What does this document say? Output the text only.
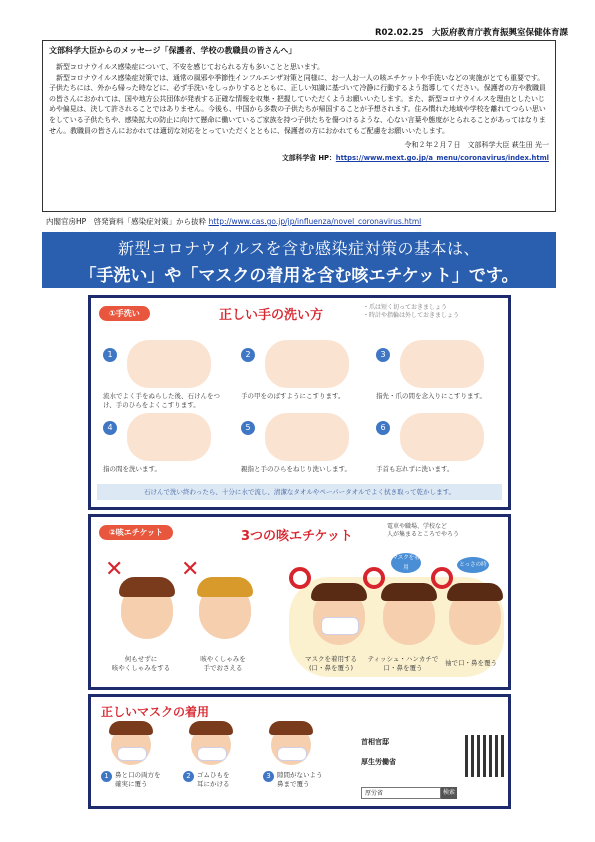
R02.02.25　大阪府教育庁教育振興室保健体育課
文部科学大臣からのメッセージ「保護者、学校の教職員の皆さんへ」

新型コロナウイルス感染症について、不安を感じておられる方も多いことと思います。

新型コロナウイルス感染症対策では、通常の風邪や季節性インフルエンザ対策と同様に、お一人お一人の咳エチケットや手洗いなどの実施がとても重要です。子供たちには、外から帰った時などに、必ず手洗いをしっかりするとともに、正しい知識に基づいて冷静に行動するよう指導してください。保護者の方や教職員の皆さんにおかれては、国や地方公共団体が発表する正確な情報を収集・把握していただくようお願いいたします。また、新型コロナウイルスを理由としたいじめや偏見は、決して許されることではありません。今後も、中国から多数の子供たちが帰国することが予想されます。住み慣れた地域や学校を離れてつらい思いをしている子供たちや、感染拡大の防止に向けて懸命に働いているご家族を持つ子供たちを傷つけるような、心ない言葉や態度がとられることがあってはなりません。教職員の皆さんにおかれては適切な対応をとっていただくとともに、保護者の方におかれてもご配慮をお願いいたします。

令和２年２月７日　文部科学大臣 萩生田 光一
文部科学省 HP：https://www.mext.go.jp/a_menu/coronavirus/index.html
内閣官房HP　啓発資料「感染症対策」から抜粋 http://www.cas.go.jp/jp/influenza/novel_coronavirus.html
新型コロナウイルスを含む感染症対策の基本は、
「手洗い」や「マスクの着用を含む咳エチケット」です。
①手洗い	正しい手の洗い方
・爪は短く切っておきましょう
・時計や指輪は外しておきましょう
1
流水でよく手をぬらした後、石けんをつけ、手のひらをよくこすります。
2
手の甲をのばすようにこすります。
3
指先・爪の間を念入りにこすります。
4
指の間を洗います。
5
親指と手のひらをねじり洗いします。
6
手首も忘れずに洗います。
石けんで洗い終わったら、十分に水で流し、清潔なタオルやペーパータオルでよく拭き取って乾かします。
②咳エチケット	3つの咳エチケット
電車や職場、学校など
人が集まるところでやろう
マスクを着用	とっさの時
✕	✕
何もせずに
咳やくしゃみをする
咳やくしゃみを
手でおさえる
マスクを着用する
(口・鼻を覆う)
ティッシュ・ハンカチで
口・鼻を覆う
袖で口・鼻を覆う
正しいマスクの着用
1 鼻と口の両方を
確実に覆う
2 ゴムひもを
耳にかける
3 隙間がないよう
鼻まで覆う
首相官邸
厚生労働省
厚労省	検索
